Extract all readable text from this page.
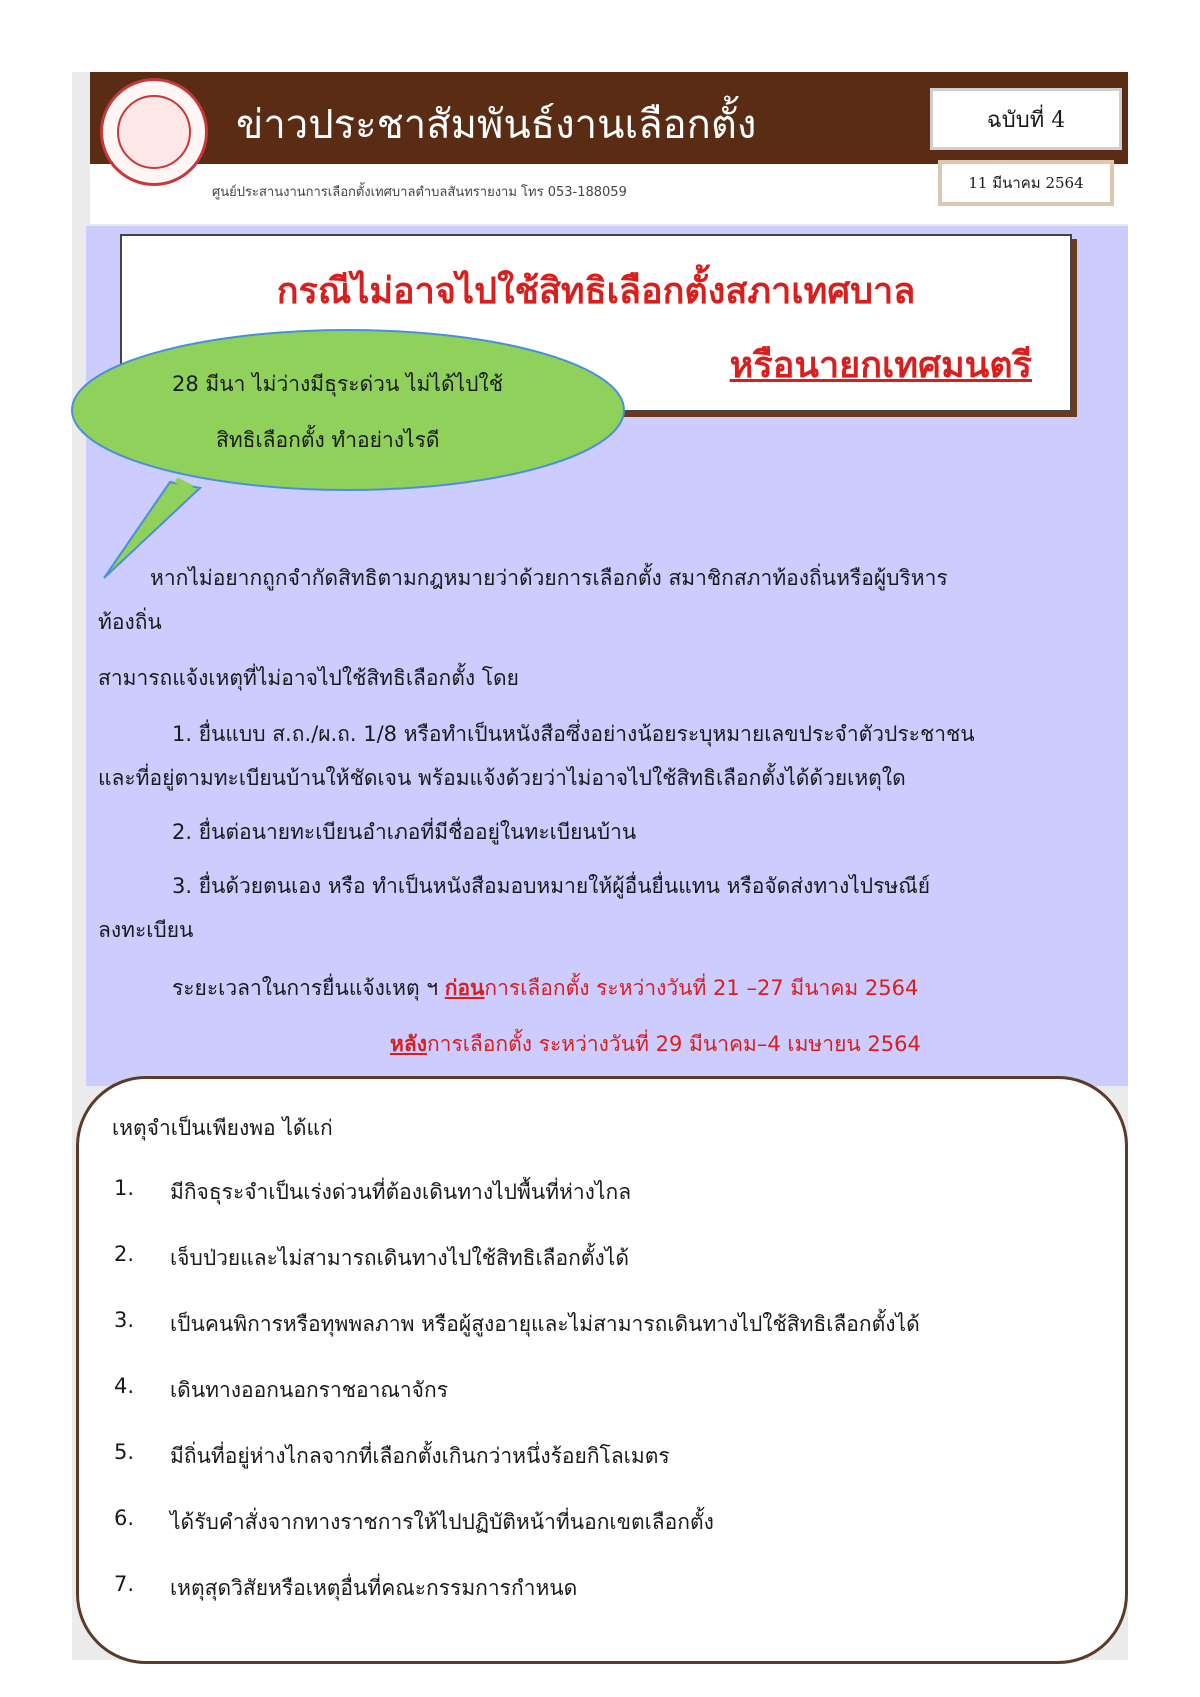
ข่าวประชาสัมพันธ์งานเลือกตั้ง
ศูนย์ประสานงานการเลือกตั้งเทศบาลตำบลสันทรายงาม โทร 053-188059
ฉบับที่ 4
11 มีนาคม 2564
กรณีไม่อาจไปใช้สิทธิเลือกตั้งสภาเทศบาล
หรือนายกเทศมนตรี
28 มีนา ไม่ว่างมีธุระด่วน ไม่ได้ไปใช้
สิทธิเลือกตั้ง ทำอย่างไรดี
หากไม่อยากถูกจำกัดสิทธิตามกฎหมายว่าด้วยการเลือกตั้ง สมาชิกสภาท้องถิ่นหรือผู้บริหาร
ท้องถิ่น
สามารถแจ้งเหตุที่ไม่อาจไปใช้สิทธิเลือกตั้ง โดย
1. ยื่นแบบ ส.ถ./ผ.ถ. 1/8 หรือทำเป็นหนังสือซึ่งอย่างน้อยระบุหมายเลขประจำตัวประชาชน
และที่อยู่ตามทะเบียนบ้านให้ชัดเจน พร้อมแจ้งด้วยว่าไม่อาจไปใช้สิทธิเลือกตั้งได้ด้วยเหตุใด
2. ยื่นต่อนายทะเบียนอำเภอที่มีชื่ออยู่ในทะเบียนบ้าน
3. ยื่นด้วยตนเอง หรือ ทำเป็นหนังสือมอบหมายให้ผู้อื่นยื่นแทน หรือจัดส่งทางไปรษณีย์
ลงทะเบียน
ระยะเวลาในการยื่นแจ้งเหตุ ฯ ก่อนการเลือกตั้ง ระหว่างวันที่ 21 –27 มีนาคม 2564
หลังการเลือกตั้ง ระหว่างวันที่ 29 มีนาคม–4 เมษายน 2564
เหตุจำเป็นเพียงพอ ได้แก่
1. มีกิจธุระจำเป็นเร่งด่วนที่ต้องเดินทางไปพื้นที่ห่างไกล
2. เจ็บป่วยและไม่สามารถเดินทางไปใช้สิทธิเลือกตั้งได้
3. เป็นคนพิการหรือทุพพลภาพ หรือผู้สูงอายุและไม่สามารถเดินทางไปใช้สิทธิเลือกตั้งได้
4. เดินทางออกนอกราชอาณาจักร
5. มีถิ่นที่อยู่ห่างไกลจากที่เลือกตั้งเกินกว่าหนึ่งร้อยกิโลเมตร
6. ได้รับคำสั่งจากทางราชการให้ไปปฏิบัติหน้าที่นอกเขตเลือกตั้ง
7. เหตุสุดวิสัยหรือเหตุอื่นที่คณะกรรมการกำหนด
